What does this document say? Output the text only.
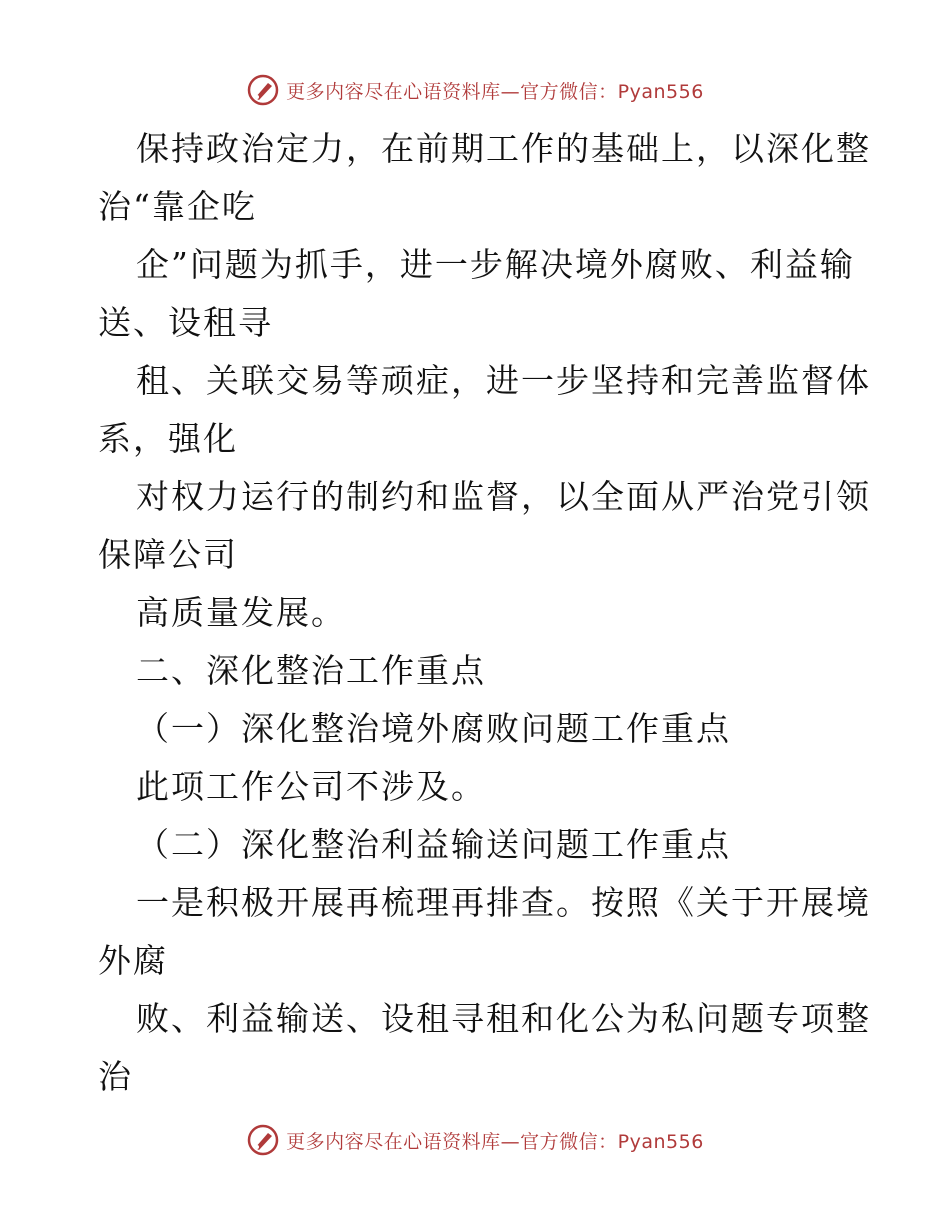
更多内容尽在心语资料库—官方微信：Pyan556
保持政治定力，在前期工作的基础上，以深化整
治“靠企吃
企”问题为抓手，进一步解决境外腐败、利益输
送、设租寻
租、关联交易等顽症，进一步坚持和完善监督体
系，强化
对权力运行的制约和监督，以全面从严治党引领
保障公司
高质量发展。
二、深化整治工作重点
（一）深化整治境外腐败问题工作重点
此项工作公司不涉及。
（二）深化整治利益输送问题工作重点
一是积极开展再梳理再排查。按照《关于开展境
外腐
败、利益输送、设租寻租和化公为私问题专项整
治
更多内容尽在心语资料库—官方微信：Pyan556
